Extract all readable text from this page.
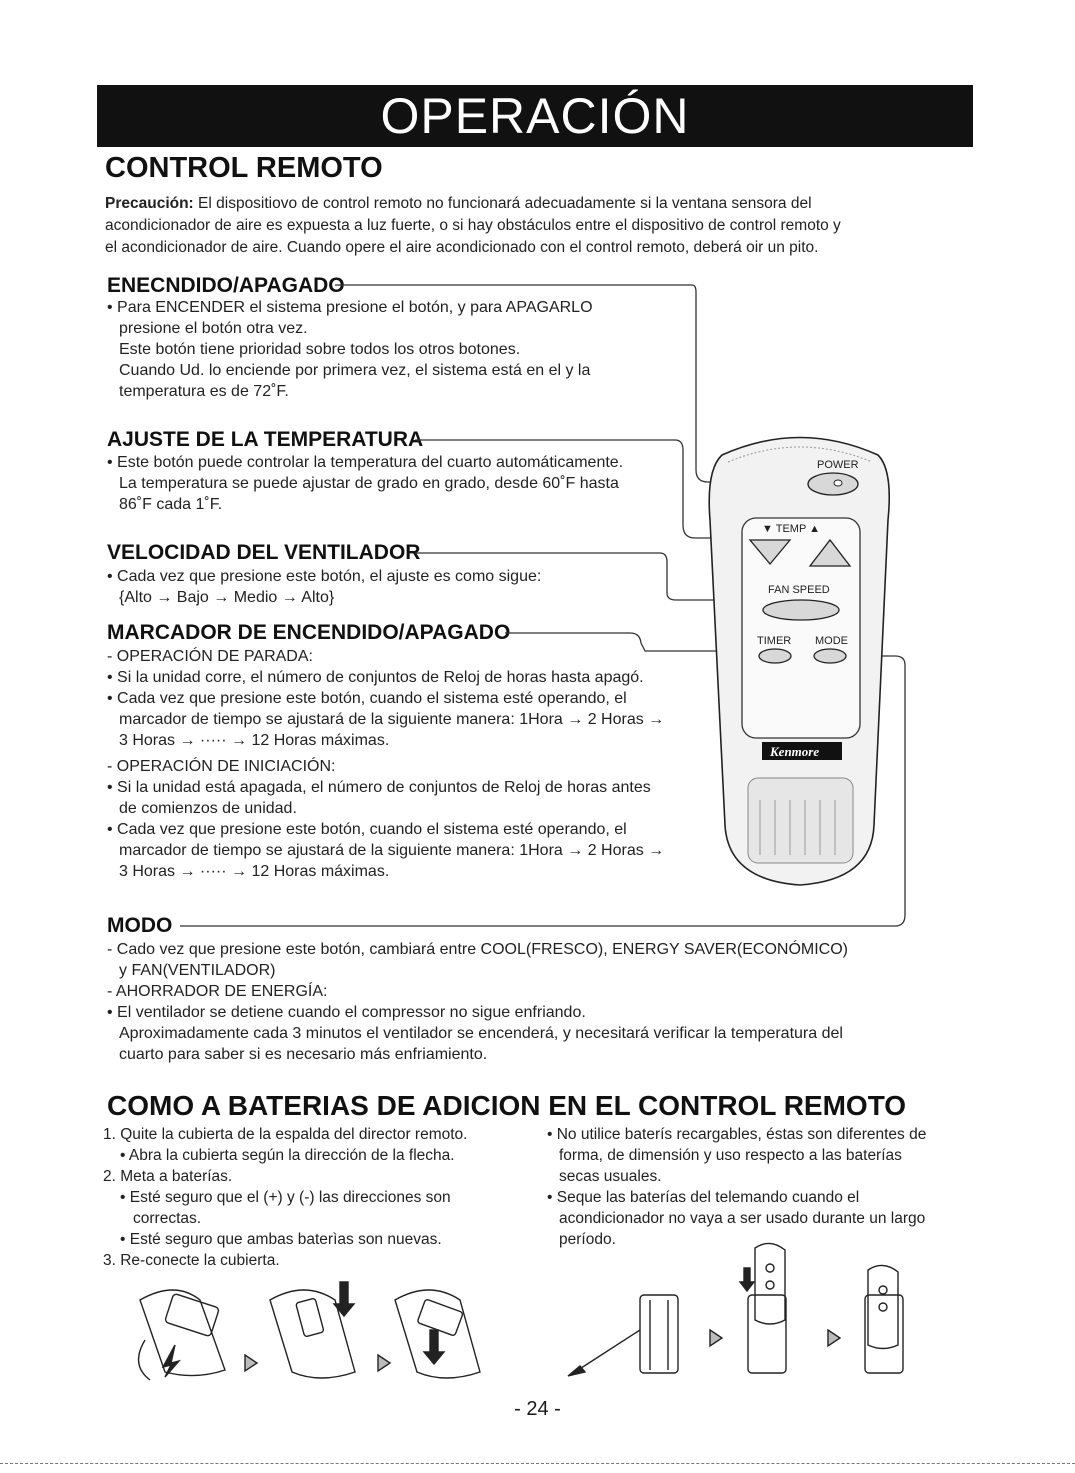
OPERACIÓN
CONTROL REMOTO
Precaución: El dispositiovo de control remoto no funcionará adecuadamente si la ventana sensora del
acondicionador de aire es expuesta a luz fuerte, o si hay obstáculos entre el dispositivo de control remoto y
el acondicionador de aire. Cuando opere el aire acondicionado con el control remoto, deberá oir un pito.
ENECNDIDO/APAGADO
• Para ENCENDER el sistema presione el botón, y para APAGARLO
presione el botón otra vez.
Este botón tiene prioridad sobre todos los otros botones.
Cuando Ud. lo enciende por primera vez, el sistema está en el y la
temperatura es de 72˚F.
AJUSTE DE LA TEMPERATURA
• Este botón puede controlar la temperatura del cuarto automáticamente.
La temperatura se puede ajustar de grado en grado, desde 60˚F hasta
86˚F cada 1˚F.
VELOCIDAD DEL VENTILADOR
• Cada vez que presione este botón, el ajuste es como sigue:
{Alto → Bajo → Medio → Alto}
MARCADOR DE ENCENDIDO/APAGADO
- OPERACIÓN DE PARADA:
• Si la unidad corre, el número de conjuntos de Reloj de horas hasta apagó.
• Cada vez que presione este botón, cuando el sistema esté operando, el
marcador de tiempo se ajustará de la siguiente manera: 1Hora → 2 Horas →
3 Horas → ····· → 12 Horas máximas.
- OPERACIÓN DE INICIACIÓN:
• Si la unidad está apagada, el número de conjuntos de Reloj de horas antes
de comienzos de unidad.
• Cada vez que presione este botón, cuando el sistema esté operando, el
marcador de tiempo se ajustará de la siguiente manera: 1Hora → 2 Horas →
3 Horas → ····· → 12 Horas máximas.
MODO
- Cado vez que presione este botón, cambiará entre COOL(FRESCO), ENERGY SAVER(ECONÓMICO)
y FAN(VENTILADOR)
- AHORRADOR DE ENERGÍA:
• El ventilador se detiene cuando el compressor no sigue enfriando.
Aproximadamente cada 3 minutos el ventilador se encenderá, y necesitará verificar la temperatura del
cuarto para saber si es necesario más enfriamiento.
POWER
▼ TEMP ▲
FAN SPEED
TIMER MODE
Kenmore
COMO A BATERIAS DE ADICION EN EL CONTROL REMOTO
1. Quite la cubierta de la espalda del director remoto.
• Abra la cubierta según la dirección de la flecha.
2. Meta a baterías.
• Esté seguro que el (+) y (-) las direcciones son
correctas.
• Esté seguro que ambas baterìas son nuevas.
3. Re-conecte la cubierta.
• No utilice baterís recargables, éstas son diferentes de
forma, de dimensión y uso respecto a las baterías
secas usuales.
• Seque las baterías del telemando cuando el
acondicionador no vaya a ser usado durante un largo
período.
- 24 -
